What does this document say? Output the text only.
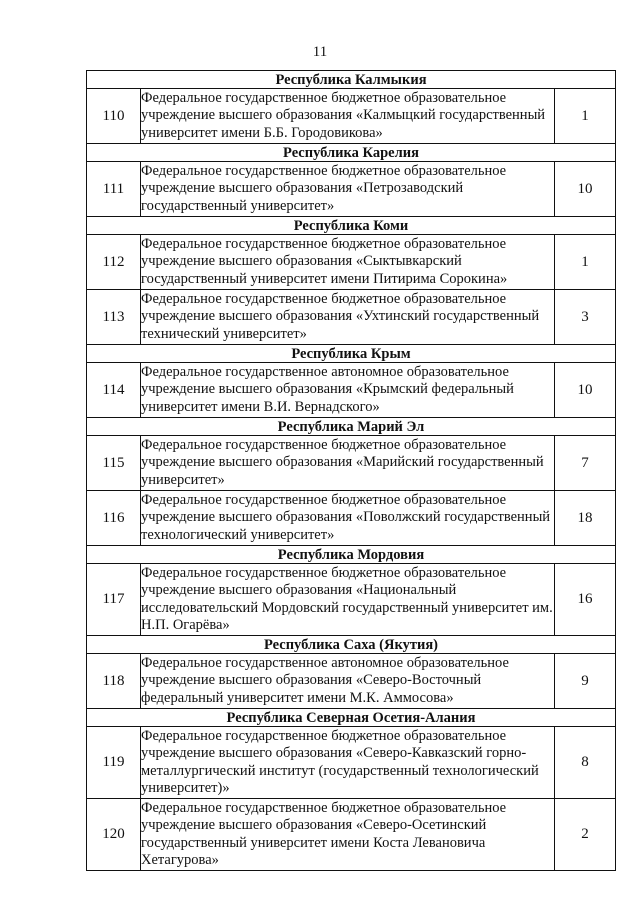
11
Республика Калмыкия		
110	Федеральное государственное бюджетное образовательное учреждение высшего образования «Калмыцкий государственный университет имени Б.Б. Городовикова»	1
Республика Карелия		
111	Федеральное государственное бюджетное образовательное учреждение высшего образования «Петрозаводский государственный университет»	10
Республика Коми		
112	Федеральное государственное бюджетное образовательное учреждение высшего образования «Сыктывкарский государственный университет имени Питирима Сорокина»	1
113	Федеральное государственное бюджетное образовательное учреждение высшего образования «Ухтинский государственный технический университет»	3
Республика Крым		
114	Федеральное государственное автономное образовательное учреждение высшего образования «Крымский федеральный университет имени В.И. Вернадского»	10
Республика Марий Эл		
115	Федеральное государственное бюджетное образовательное учреждение высшего образования «Марийский государственный университет»	7
116	Федеральное государственное бюджетное образовательное учреждение высшего образования «Поволжский государственный технологический университет»	18
Республика Мордовия		
117	Федеральное государственное бюджетное образовательное учреждение высшего образования «Национальный исследовательский Мордовский государственный университет им. Н.П. Огарёва»	16
Республика Саха (Якутия)		
118	Федеральное государственное автономное образовательное учреждение высшего образования «Северо-Восточный федеральный университет имени М.К. Аммосова»	9
Республика Северная Осетия-Алания		
119	Федеральное государственное бюджетное образовательное учреждение высшего образования «Северо-Кавказский горно-металлургический институт (государственный технологический университет)»	8
120	Федеральное государственное бюджетное образовательное учреждение высшего образования «Северо-Осетинский государственный университет имени Коста Левановича Хетагурова»	2
